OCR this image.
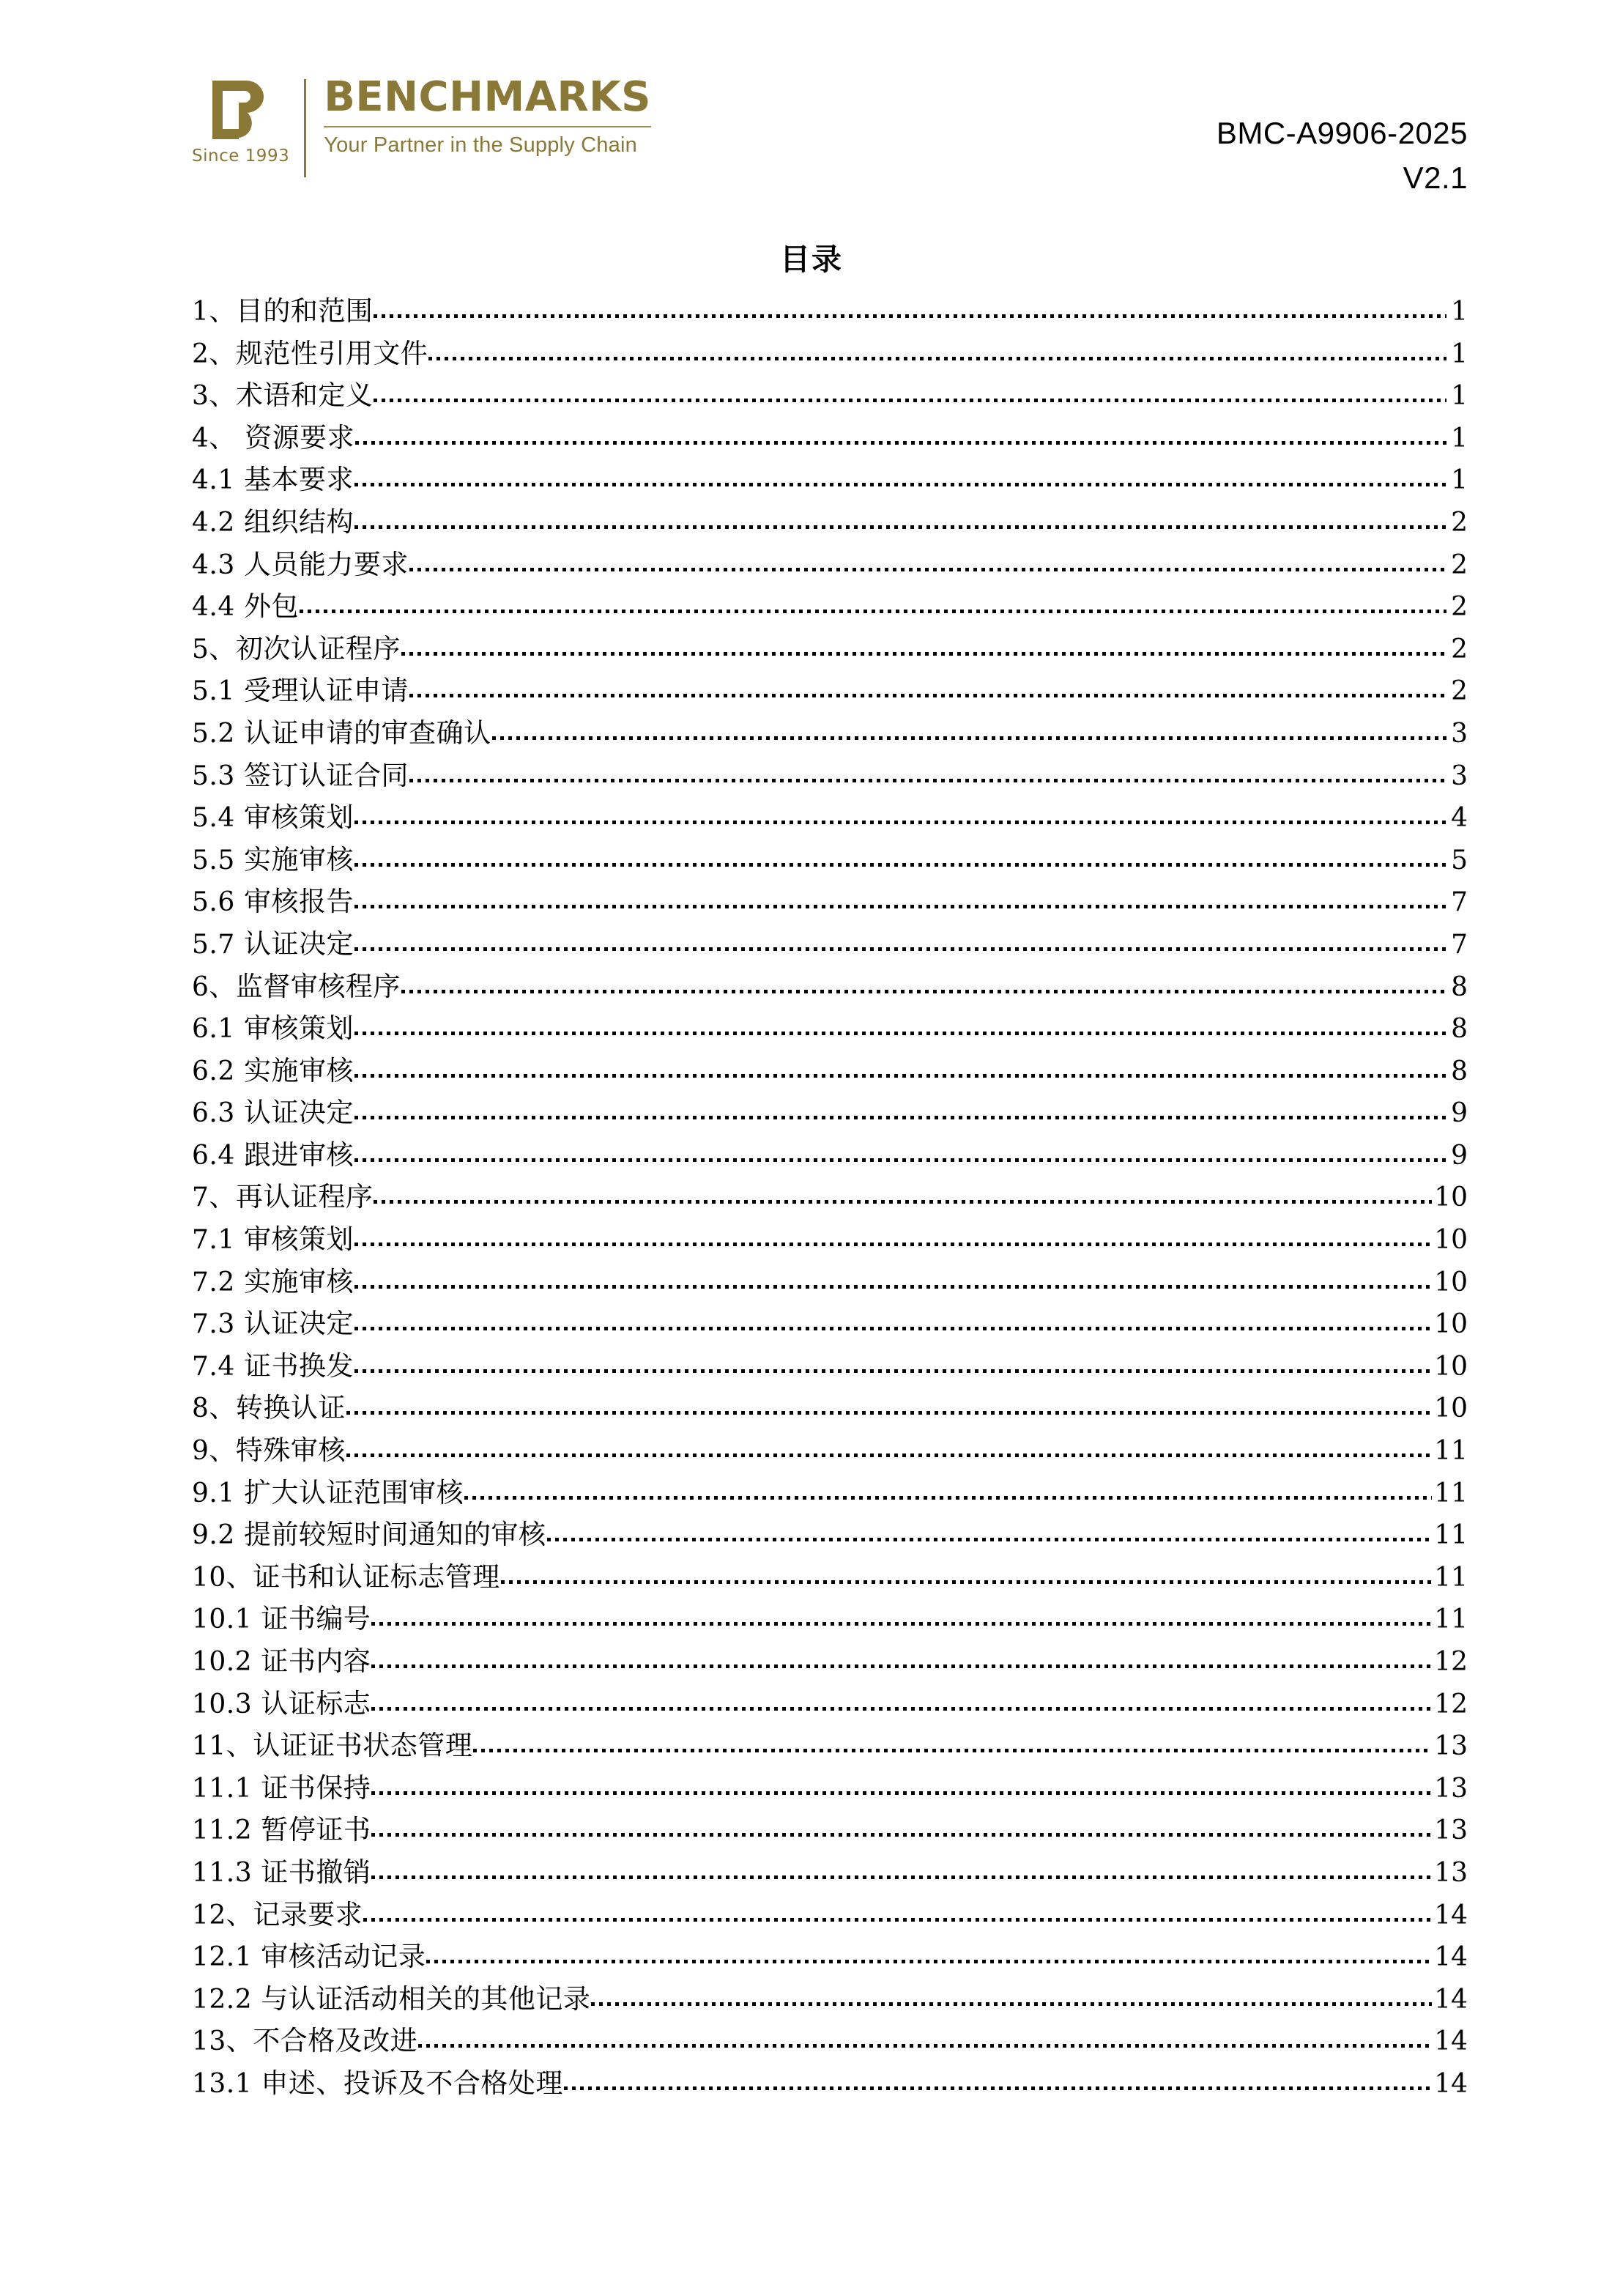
Since 1993
BENCHMARKS
Your Partner in the Supply Chain	BMC-A9906-2025
V2.1
目录
1、目的和范围	1
2、规范性引用文件	1
3、术语和定义	1
4、 资源要求	1
4.1 基本要求	1
4.2 组织结构	2
4.3 人员能力要求	2
4.4 外包	2
5、初次认证程序	2
5.1 受理认证申请	2
5.2 认证申请的审查确认	3
5.3 签订认证合同	3
5.4 审核策划	4
5.5 实施审核	5
5.6 审核报告	7
5.7 认证决定	7
6、监督审核程序	8
6.1 审核策划	8
6.2 实施审核	8
6.3 认证决定	9
6.4 跟进审核	9
7、再认证程序	10
7.1 审核策划	10
7.2 实施审核	10
7.3 认证决定	10
7.4 证书换发	10
8、转换认证	10
9、特殊审核	11
9.1 扩大认证范围审核	11
9.2 提前较短时间通知的审核	11
10、证书和认证标志管理	11
10.1 证书编号	11
10.2 证书内容	12
10.3 认证标志	12
11、认证证书状态管理	13
11.1 证书保持	13
11.2 暂停证书	13
11.3 证书撤销	13
12、记录要求	14
12.1 审核活动记录	14
12.2 与认证活动相关的其他记录	14
13、不合格及改进	14
13.1 申述、投诉及不合格处理	14
